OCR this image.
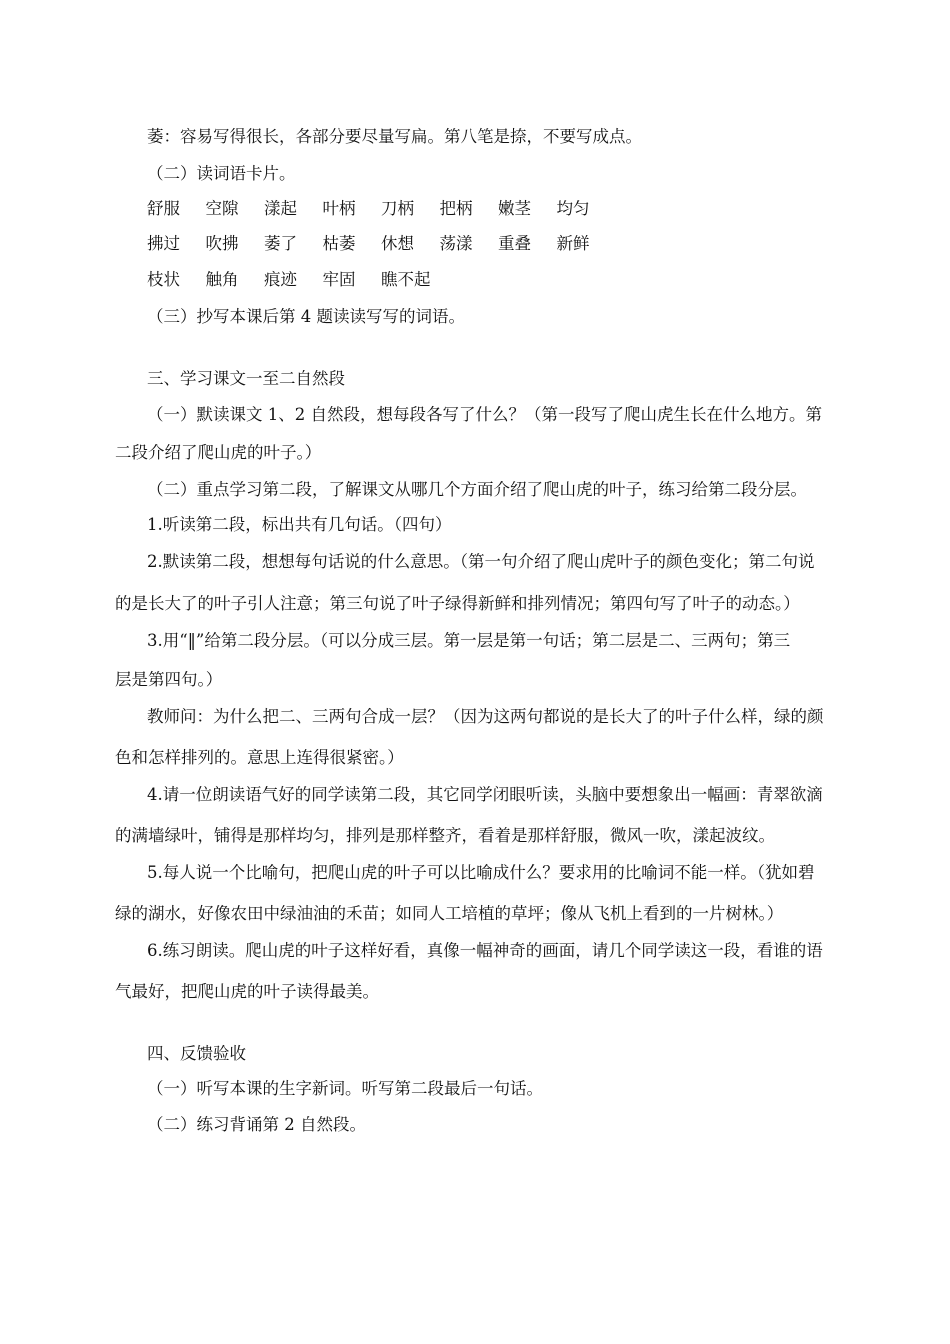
萎：容易写得很长，各部分要尽量写扁。第八笔是捺，不要写成点。
（二）读词语卡片。
舒服 空隙 漾起 叶柄 刀柄 把柄 嫩茎 均匀
拂过 吹拂 萎了 枯萎 休想 荡漾 重叠 新鲜
枝状 触角 痕迹 牢固 瞧不起
（三）抄写本课后第 4 题读读写写的词语。
三、学习课文一至二自然段
（一）默读课文 1、2 自然段，想每段各写了什么？（第一段写了爬山虎生长在什么地方。第
二段介绍了爬山虎的叶子。）
（二）重点学习第二段，了解课文从哪几个方面介绍了爬山虎的叶子，练习给第二段分层。
1.听读第二段，标出共有几句话。（四句）
2.默读第二段，想想每句话说的什么意思。（第一句介绍了爬山虎叶子的颜色变化；第二句说
的是长大了的叶子引人注意；第三句说了叶子绿得新鲜和排列情况；第四句写了叶子的动态。）
3.用“‖”给第二段分层。（可以分成三层。第一层是第一句话；第二层是二、三两句；第三
层是第四句。）
教师问：为什么把二、三两句合成一层？（因为这两句都说的是长大了的叶子什么样，绿的颜
色和怎样排列的。意思上连得很紧密。）
4.请一位朗读语气好的同学读第二段，其它同学闭眼听读，头脑中要想象出一幅画：青翠欲滴
的满墙绿叶，铺得是那样均匀，排列是那样整齐，看着是那样舒服，微风一吹，漾起波纹。
5.每人说一个比喻句，把爬山虎的叶子可以比喻成什么？要求用的比喻词不能一样。（犹如碧
绿的湖水，好像农田中绿油油的禾苗；如同人工培植的草坪；像从飞机上看到的一片树林。）
6.练习朗读。爬山虎的叶子这样好看，真像一幅神奇的画面，请几个同学读这一段，看谁的语
气最好，把爬山虎的叶子读得最美。
四、反馈验收
（一）听写本课的生字新词。听写第二段最后一句话。
（二）练习背诵第 2 自然段。
